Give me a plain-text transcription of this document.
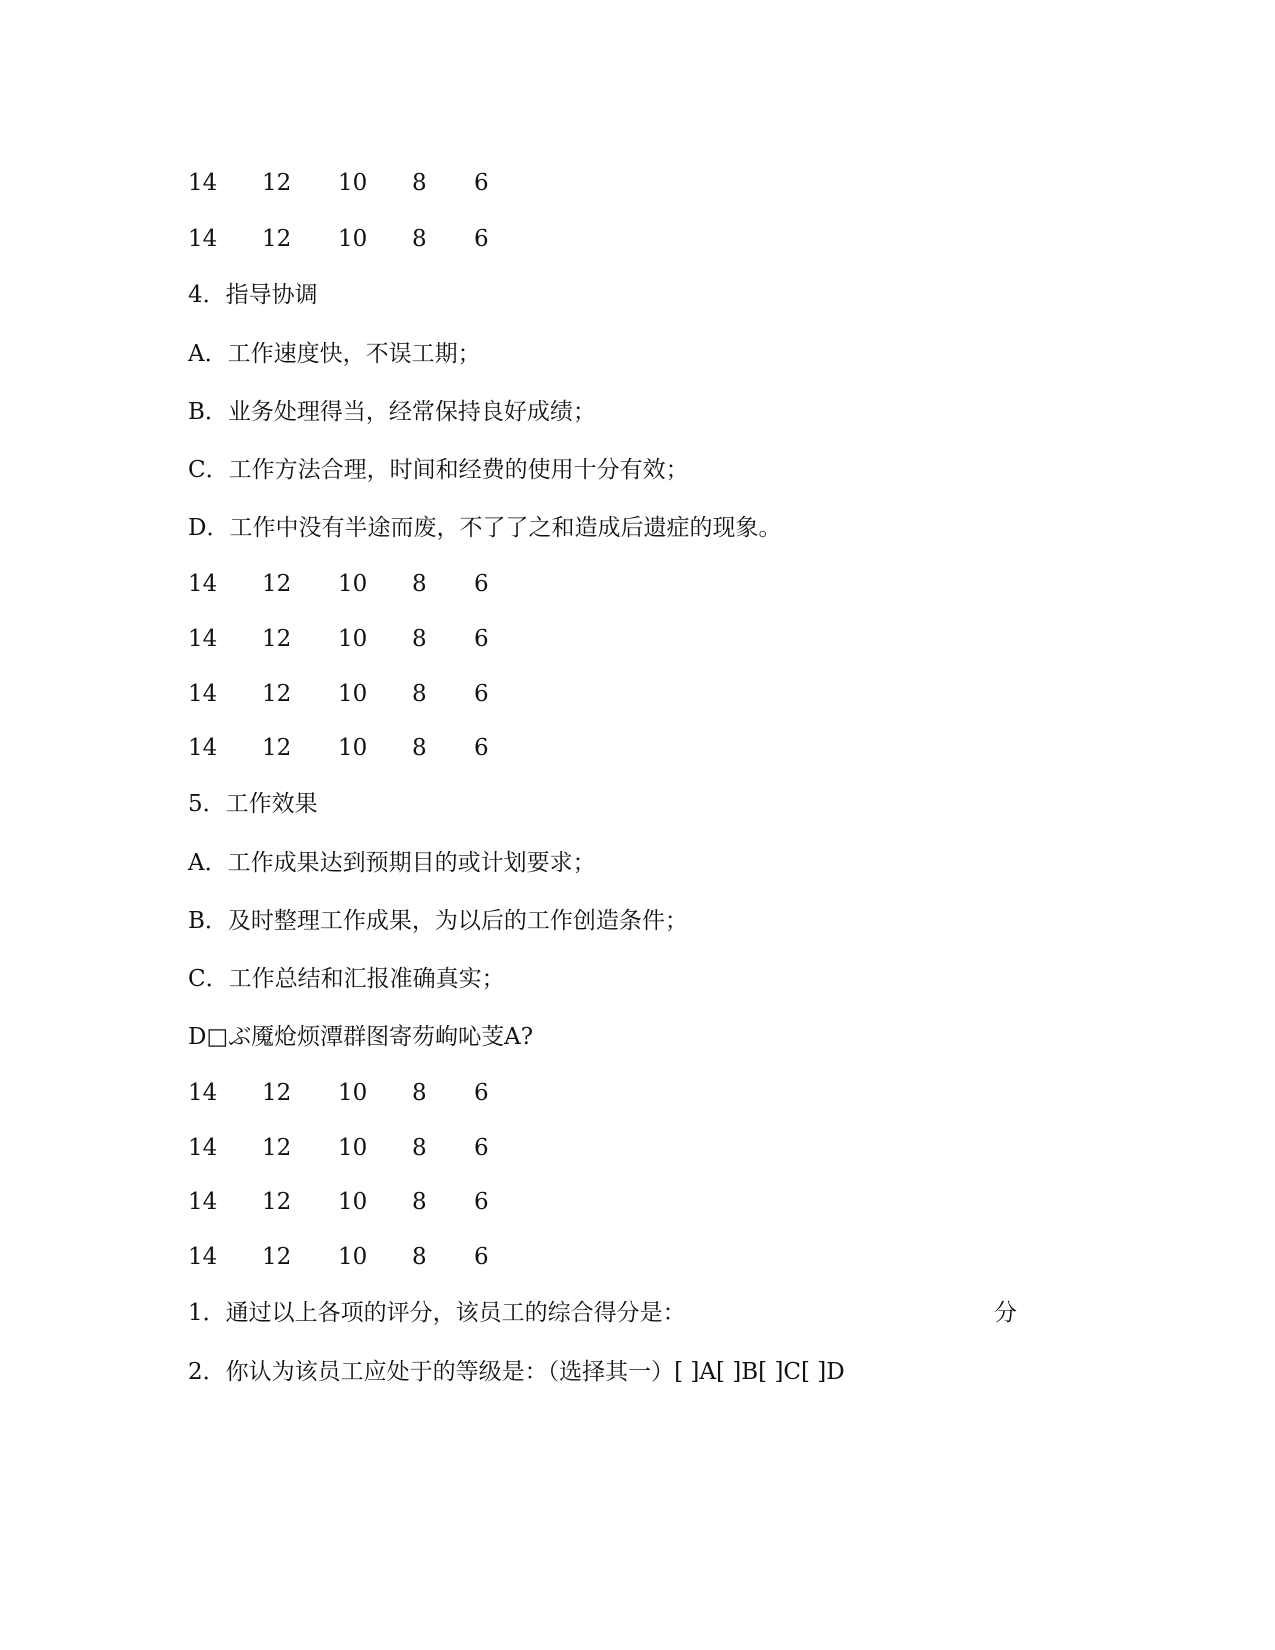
14 12 10 8 6
14 12 10 8 6
4．指导协调
A．工作速度快，不误工期；
B．业务处理得当，经常保持良好成绩；
C．工作方法合理，时间和经费的使用十分有效；
D．工作中没有半途而废，不了了之和造成后遗症的现象。
14 12 10 8 6
14 12 10 8 6
14 12 10 8 6
14 12 10 8 6
5．工作效果
A．工作成果达到预期目的或计划要求；
B．及时整理工作成果，为以后的工作创造条件；
C．工作总结和汇报准确真实；
D□ぶ魇炝烦潭群图寄芴岣吣芰A?
14 12 10 8 6
14 12 10 8 6
14 12 10 8 6
14 12 10 8 6
1．通过以上各项的评分，该员工的综合得分是：	分
2．你认为该员工应处于的等级是：（选择其一）[ ]A[ ]B[ ]C[ ]D
